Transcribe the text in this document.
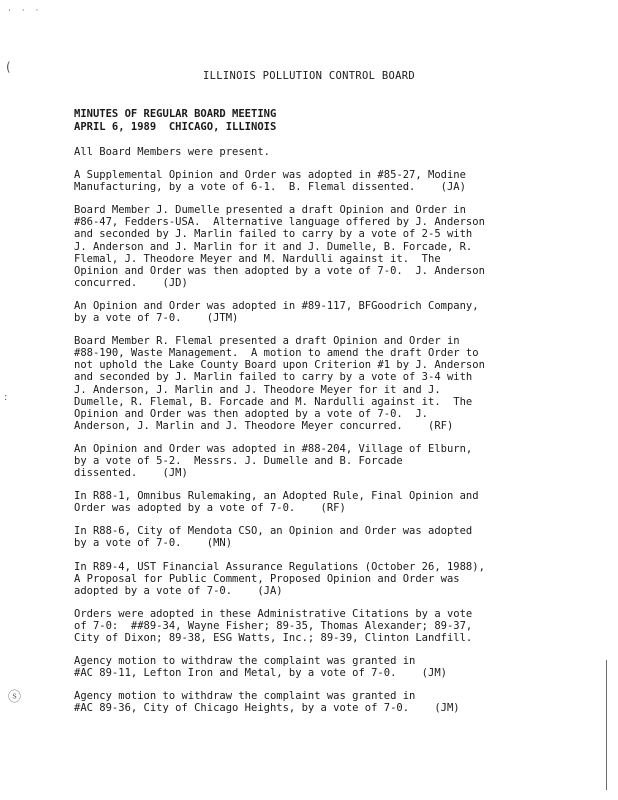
· · ·
(
:
ⓢ
ILLINOIS POLLUTION CONTROL BOARD
MINUTES OF REGULAR BOARD MEETING
APRIL 6, 1989  CHICAGO, ILLINOIS
All Board Members were present.
A Supplemental Opinion and Order was adopted in #85-27, Modine
Manufacturing, by a vote of 6-1.  B. Flemal dissented.    (JA)
Board Member J. Dumelle presented a draft Opinion and Order in
#86-47, Fedders-USA.  Alternative language offered by J. Anderson
and seconded by J. Marlin failed to carry by a vote of 2-5 with
J. Anderson and J. Marlin for it and J. Dumelle, B. Forcade, R.
Flemal, J. Theodore Meyer and M. Nardulli against it.  The
Opinion and Order was then adopted by a vote of 7-0.  J. Anderson
concurred.    (JD)
An Opinion and Order was adopted in #89-117, BFGoodrich Company,
by a vote of 7-0.    (JTM)
Board Member R. Flemal presented a draft Opinion and Order in
#88-190, Waste Management.  A motion to amend the draft Order to
not uphold the Lake County Board upon Criterion #1 by J. Anderson
and seconded by J. Marlin failed to carry by a vote of 3-4 with
J. Anderson, J. Marlin and J. Theodore Meyer for it and J.
Dumelle, R. Flemal, B. Forcade and M. Nardulli against it.  The
Opinion and Order was then adopted by a vote of 7-0.  J.
Anderson, J. Marlin and J. Theodore Meyer concurred.    (RF)
An Opinion and Order was adopted in #88-204, Village of Elburn,
by a vote of 5-2.  Messrs. J. Dumelle and B. Forcade
dissented.    (JM)
In R88-1, Omnibus Rulemaking, an Adopted Rule, Final Opinion and
Order was adopted by a vote of 7-0.    (RF)
In R88-6, City of Mendota CSO, an Opinion and Order was adopted
by a vote of 7-0.    (MN)
In R89-4, UST Financial Assurance Regulations (October 26, 1988),
A Proposal for Public Comment, Proposed Opinion and Order was
adopted by a vote of 7-0.    (JA)
Orders were adopted in these Administrative Citations by a vote
of 7-0:  ##89-34, Wayne Fisher; 89-35, Thomas Alexander; 89-37,
City of Dixon; 89-38, ESG Watts, Inc.; 89-39, Clinton Landfill.
Agency motion to withdraw the complaint was granted in
#AC 89-11, Lefton Iron and Metal, by a vote of 7-0.    (JM)
Agency motion to withdraw the complaint was granted in
#AC 89-36, City of Chicago Heights, by a vote of 7-0.    (JM)
